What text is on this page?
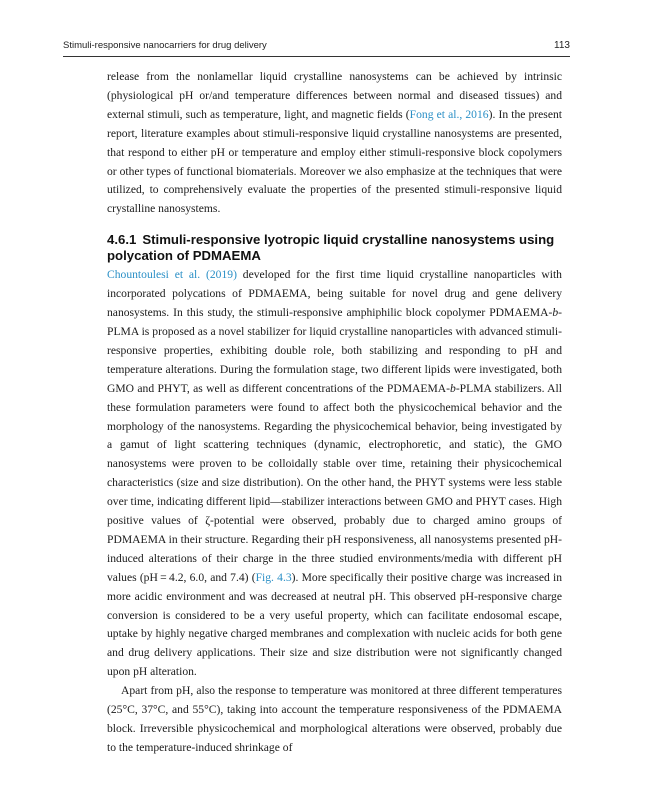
Stimuli-responsive nanocarriers for drug delivery	113

release from the nonlamellar liquid crystalline nanosystems can be achieved by intrinsic (physiological pH or/and temperature differences between normal and diseased tissues) and external stimuli, such as temperature, light, and magnetic fields (Fong et al., 2016). In the present report, literature examples about stimuli-responsive liquid crystalline nanosystems are presented, that respond to either pH or temperature and employ either stimuli-responsive block copolymers or other types of functional biomaterials. Moreover we also emphasize at the techniques that were utilized, to comprehensively evaluate the properties of the presented stimuli-responsive liquid crystalline nanosystems.

4.6.1 Stimuli-responsive lyotropic liquid crystalline nanosystems using polycation of PDMAEMA

Chountoulesi et al. (2019) developed for the first time liquid crystalline nanoparticles with incorporated polycations of PDMAEMA, being suitable for novel drug and gene delivery nanosystems. In this study, the stimuli-responsive amphiphilic block copolymer PDMAEMA-b-PLMA is proposed as a novel stabilizer for liquid crystalline nanoparticles with advanced stimuli-responsive properties, exhibiting double role, both stabilizing and responding to pH and temperature alterations. During the formulation stage, two different lipids were investigated, both GMO and PHYT, as well as different concentrations of the PDMAEMA-b-PLMA stabilizers. All these formulation parameters were found to affect both the physicochemical behavior and the morphology of the nanosystems. Regarding the physicochemical behavior, being investigated by a gamut of light scattering techniques (dynamic, electrophoretic, and static), the GMO nanosystems were proven to be colloidally stable over time, retaining their physicochemical characteristics (size and size distribution). On the other hand, the PHYT systems were less stable over time, indicating different lipid—stabilizer interactions between GMO and PHYT cases. High positive values of ζ-potential were observed, probably due to charged amino groups of PDMAEMA in their structure. Regarding their pH responsiveness, all nanosystems presented pH-induced alterations of their charge in the three studied environments/media with different pH values (pH = 4.2, 6.0, and 7.4) (Fig. 4.3). More specifically their positive charge was increased in more acidic environment and was decreased at neutral pH. This observed pH-responsive charge conversion is considered to be a very useful property, which can facilitate endosomal escape, uptake by highly negative charged membranes and complexation with nucleic acids for both gene and drug delivery applications. Their size and size distribution were not significantly changed upon pH alteration.

Apart from pH, also the response to temperature was monitored at three different temperatures (25°C, 37°C, and 55°C), taking into account the temperature responsiveness of the PDMAEMA block. Irreversible physicochemical and morphological alterations were observed, probably due to the temperature-induced shrinkage of
